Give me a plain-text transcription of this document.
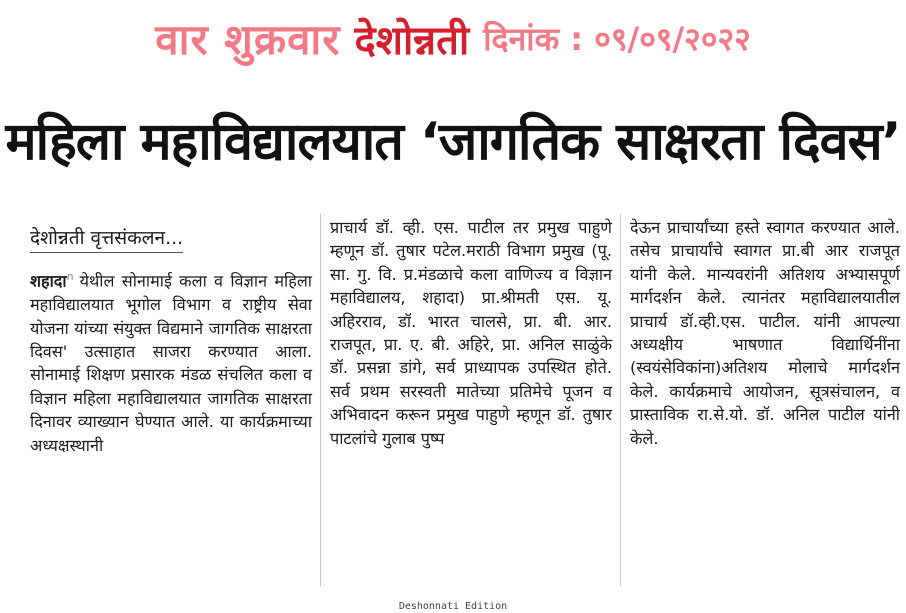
वार शुक्रवार देशोन्नती दिनांक : ०९/०९/२०२२
महिला महाविद्यालयात ‘जागतिक साक्षरता दिवस’
देशोन्नती वृत्तसंकलन...

शहादा$^n$ येथील सोनामाई कला व विज्ञान महिला महाविद्यालयात भूगोल विभाग व राष्ट्रीय सेवा योजना यांच्या संयुक्त विद्यमाने जागतिक साक्षरता दिवस' उत्साहात साजरा करण्यात आला. सोनामाई शिक्षण प्रसारक मंडळ संचलित कला व विज्ञान महिला महाविद्यालयात जागतिक साक्षरता दिनावर व्याख्यान घेण्यात आले. या कार्यक्रमाच्या अध्यक्षस्थानी

प्राचार्य डॉ. व्ही. एस. पाटील तर प्रमुख पाहुणे म्हणून डॉ. तुषार पटेल.मराठी विभाग प्रमुख (पू. सा. गु. वि. प्र.मंडळाचे कला वाणिज्य व विज्ञान महाविद्यालय, शहादा) प्रा.श्रीमती एस. यू. अहिरराव, डॉ. भारत चालसे, प्रा. बी. आर. राजपूत, प्रा. ए. बी. अहिरे, प्रा. अनिल साळुंके डॉ. प्रसन्ना डांगे, सर्व प्राध्यापक उपस्थित होते. सर्व प्रथम सरस्वती मातेच्या प्रतिमेचे पूजन व अभिवादन करून प्रमुख पाहुणे म्हणून डॉ. तुषार पाटलांचे गुलाब पुष्प

देऊन प्राचार्यांच्या हस्ते स्वागत करण्यात आले. तसेच प्राचार्यांचे स्वागत प्रा.बी आर राजपूत यांनी केले. मान्यवरांनी अतिशय अभ्यासपूर्ण मार्गदर्शन केले. त्यानंतर महाविद्यालयातील प्राचार्य डॉ.व्ही.एस. पाटील. यांनी आपल्या अध्यक्षीय भाषणात विद्यार्थिनींना (स्वयंसेविकांना)अतिशय मोलाचे मार्गदर्शन केले. कार्यक्रमाचे आयोजन, सूत्रसंचालन, व प्रास्ताविक रा.से.यो. डॉ. अनिल पाटील यांनी केले.

Deshonnati Edition
